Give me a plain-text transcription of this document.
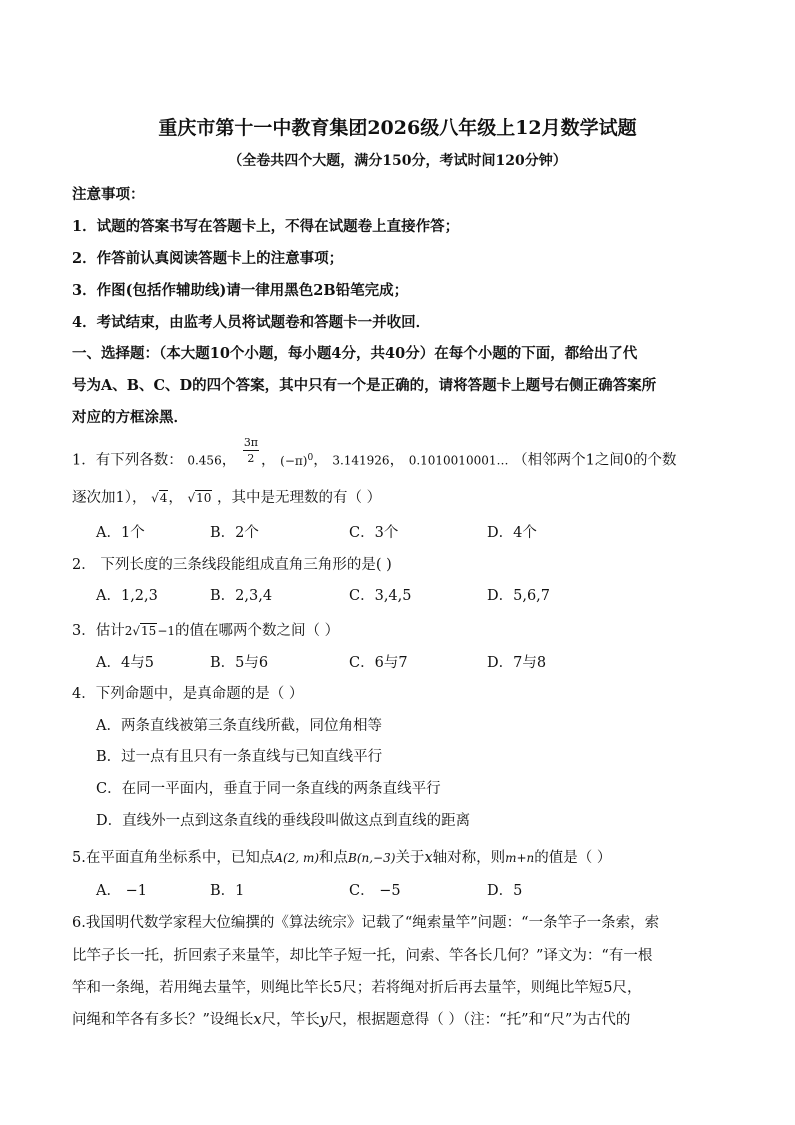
重庆市第十一中教育集团2026级八年级上12月数学试题
（全卷共四个大题，满分150分，考试时间120分钟）
注意事项：
1．试题的答案书写在答题卡上，不得在试题卷上直接作答；
2．作答前认真阅读答题卡上的注意事项；
3．作图(包括作辅助线)请一律用黑色2B铅笔完成；
4．考试结束，由监考人员将试题卷和答题卡一并收回．
一、选择题：（本大题10个小题，每小题4分，共40分）在每个小题的下面，都给出了代
号为A、B、C、D的四个答案，其中只有一个是正确的，请将答题卡上题号右侧正确答案所
对应的方框涂黑．
1．有下列各数： 0.456， $\frac{3\pi}{2}$ ， $(-\pi)^0$， 3.141926， 0.1010010001… （相邻两个1之间0的个数
逐次加1）， √4， √10 ，其中是无理数的有（ ）
A．1个	B．2个	C．3个	D．4个
2． 下列长度的三条线段能组成直角三角形的是( )
A．1,2,3	B．2,3,4	C．3,4,5	D．5,6,7
3．估计2√15−1的值在哪两个数之间（ ）
A．4与5	B．5与6	C．6与7	D．7与8
4．下列命题中，是真命题的是（ ）
A．两条直线被第三条直线所截，同位角相等
B．过一点有且只有一条直线与已知直线平行
C．在同一平面内，垂直于同一条直线的两条直线平行
D．直线外一点到这条直线的垂线段叫做这点到直线的距离
5.在平面直角坐标系中，已知点A(2, m)和点B(n,−3)关于x轴对称，则m+n的值是（ ）
A． −1	B．1	C． −5	D．5
6.我国明代数学家程大位编撰的《算法统宗》记载了“绳索量竿”问题：“一条竿子一条索，索
比竿子长一托，折回索子来量竿，却比竿子短一托，问索、竿各长几何？”译文为：“有一根
竿和一条绳，若用绳去量竿，则绳比竿长5尺；若将绳对折后再去量竿，则绳比竿短5尺，
问绳和竿各有多长？”设绳长x尺，竿长y尺，根据题意得（ ）（注：“托”和“尺”为古代的
